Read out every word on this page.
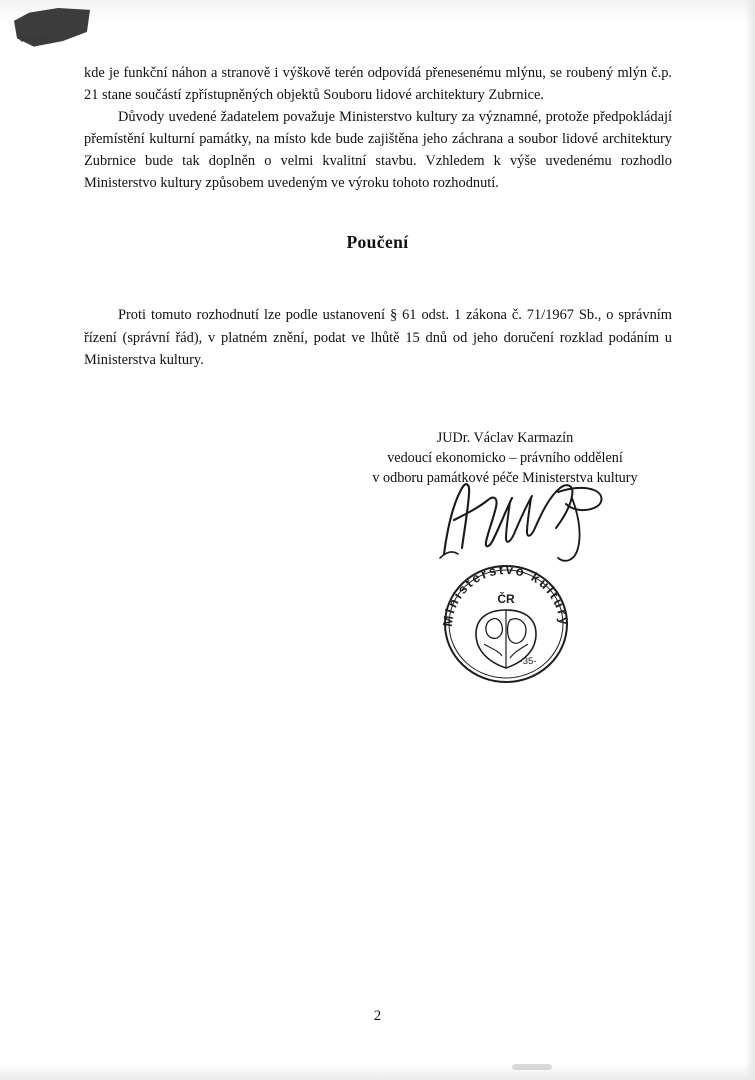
kde je funkční náhon a stranově i výškově terén odpovídá přenesenému mlýnu, se roubený mlýn č.p. 21 stane součástí zpřístupněných objektů Souboru lidové architektury Zubrnice.

Důvody uvedené žadatelem považuje Ministerstvo kultury za významné, protože předpokládají přemístění kulturní památky, na místo kde bude zajištěna jeho záchrana a soubor lidové architektury Zubrnice bude tak doplněn o velmi kvalitní stavbu. Vzhledem k výše uvedenému rozhodlo Ministerstvo kultury způsobem uvedeným ve výroku tohoto rozhodnutí.

Poučení

Proti tomuto rozhodnutí lze podle ustanovení § 61 odst. 1 zákona č. 71/1967 Sb., o správním řízení (správní řád), v platném znění, podat ve lhůtě 15 dnů od jeho doručení rozklad podáním u Ministerstva kultury.

JUDr. Václav Karmazín
vedoucí ekonomicko – právního oddělení
v odboru památkové péče Ministerstva kultury
Ministerstvo kultury
ČR
-35-
2
